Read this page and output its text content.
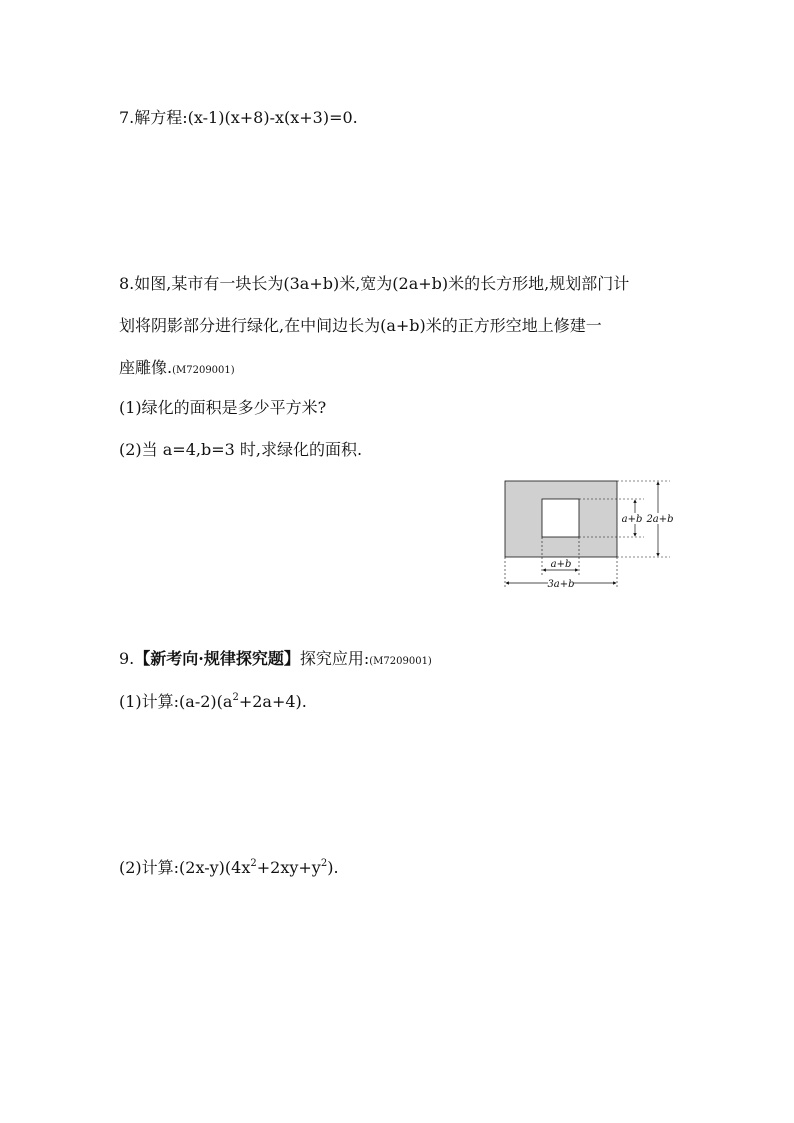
7.解方程:(x-1)(x+8)-x(x+3)=0.
8.如图,某市有一块长为(3a+b)米,宽为(2a+b)米的长方形地,规划部门计
划将阴影部分进行绿化,在中间边长为(a+b)米的正方形空地上修建一
座雕像.(M7209001)
(1)绿化的面积是多少平方米?
(2)当 a=4,b=3 时,求绿化的面积.
a+b 2a+b
a+b
3a+b
9.【新考向·规律探究题】探究应用:(M7209001)
(1)计算$:(a-2)(a^2+2a+4)$.
(2)计算$:(2x-y)(4x^2+2xy+y^2)$.
